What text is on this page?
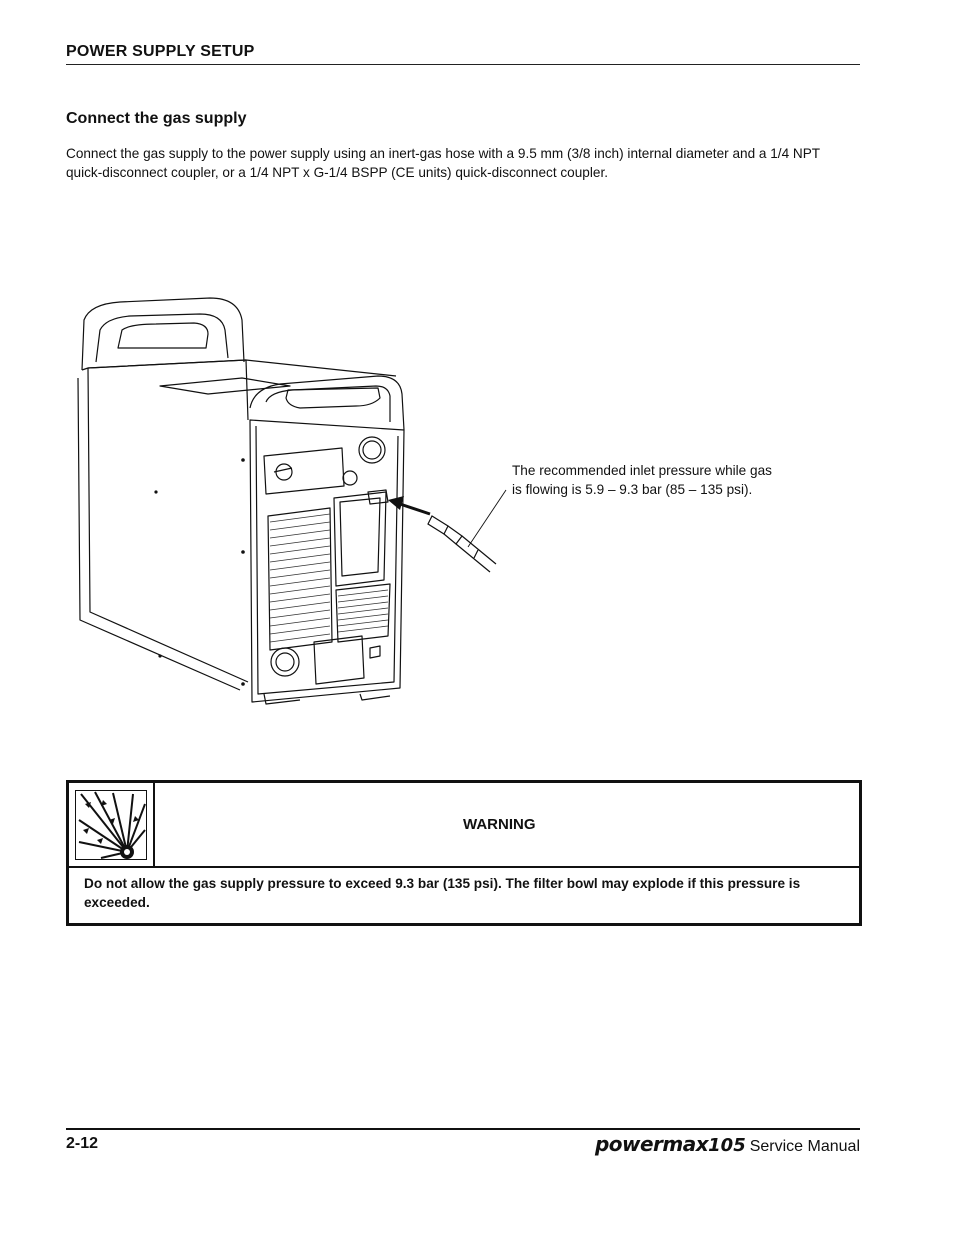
POWER SUPPLY SETUP
Connect the gas supply
Connect the gas supply to the power supply using an inert-gas hose with a 9.5 mm (3/8 inch) internal diameter and a 1/4 NPT quick-disconnect coupler, or a 1/4 NPT x G-1/4 BSPP (CE units) quick-disconnect coupler.
The recommended inlet pressure while gas
is flowing is 5.9 – 9.3 bar (85 – 135 psi).
WARNING
Do not allow the gas supply pressure to exceed 9.3 bar (135 psi). The filter bowl may explode if this pressure is exceeded.
2-12	powermax105 Service Manual
